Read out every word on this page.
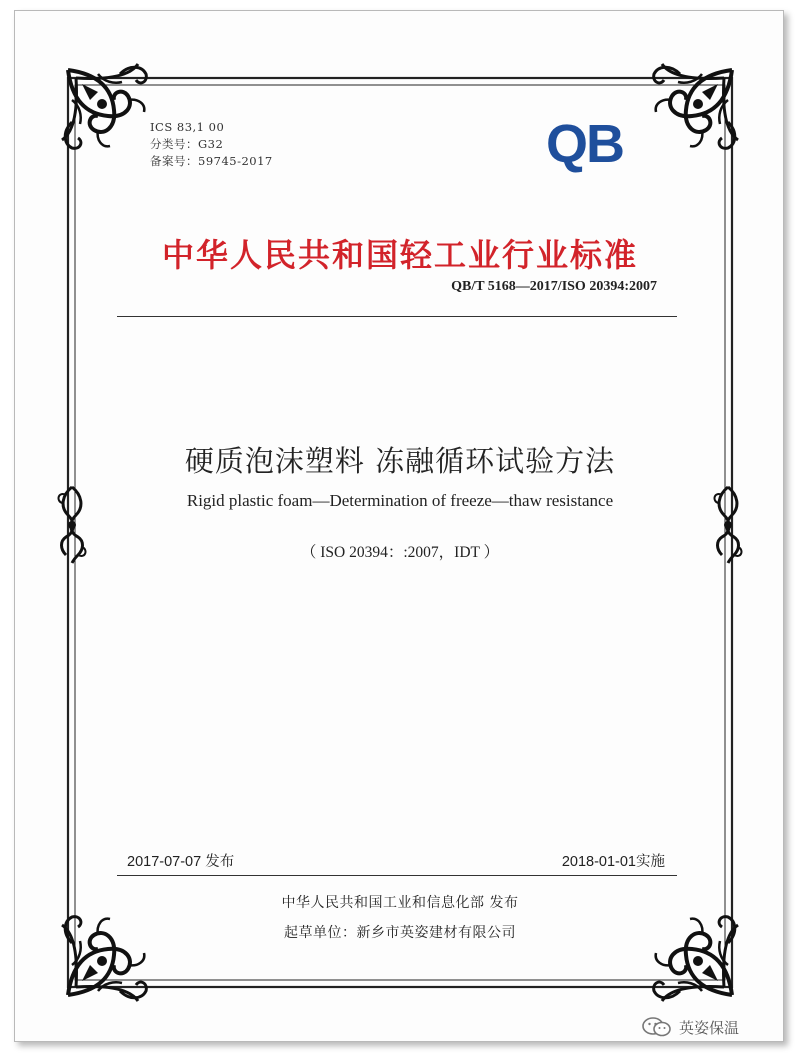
ICS 83,1 00
分类号：G32
备案号：59745-2017	QB
中华人民共和国轻工业行业标准
QB/T 5168—2017/ISO 20394:2007
硬质泡沫塑料 冻融循环试验方法
Rigid plastic foam—Determination of freeze—thaw resistance
（ ISO 20394：:2007，IDT ）
2017-07-07 发布	2018-01-01实施
中华人民共和国工业和信息化部 发布
起草单位：新乡市英姿建材有限公司
英姿保温
